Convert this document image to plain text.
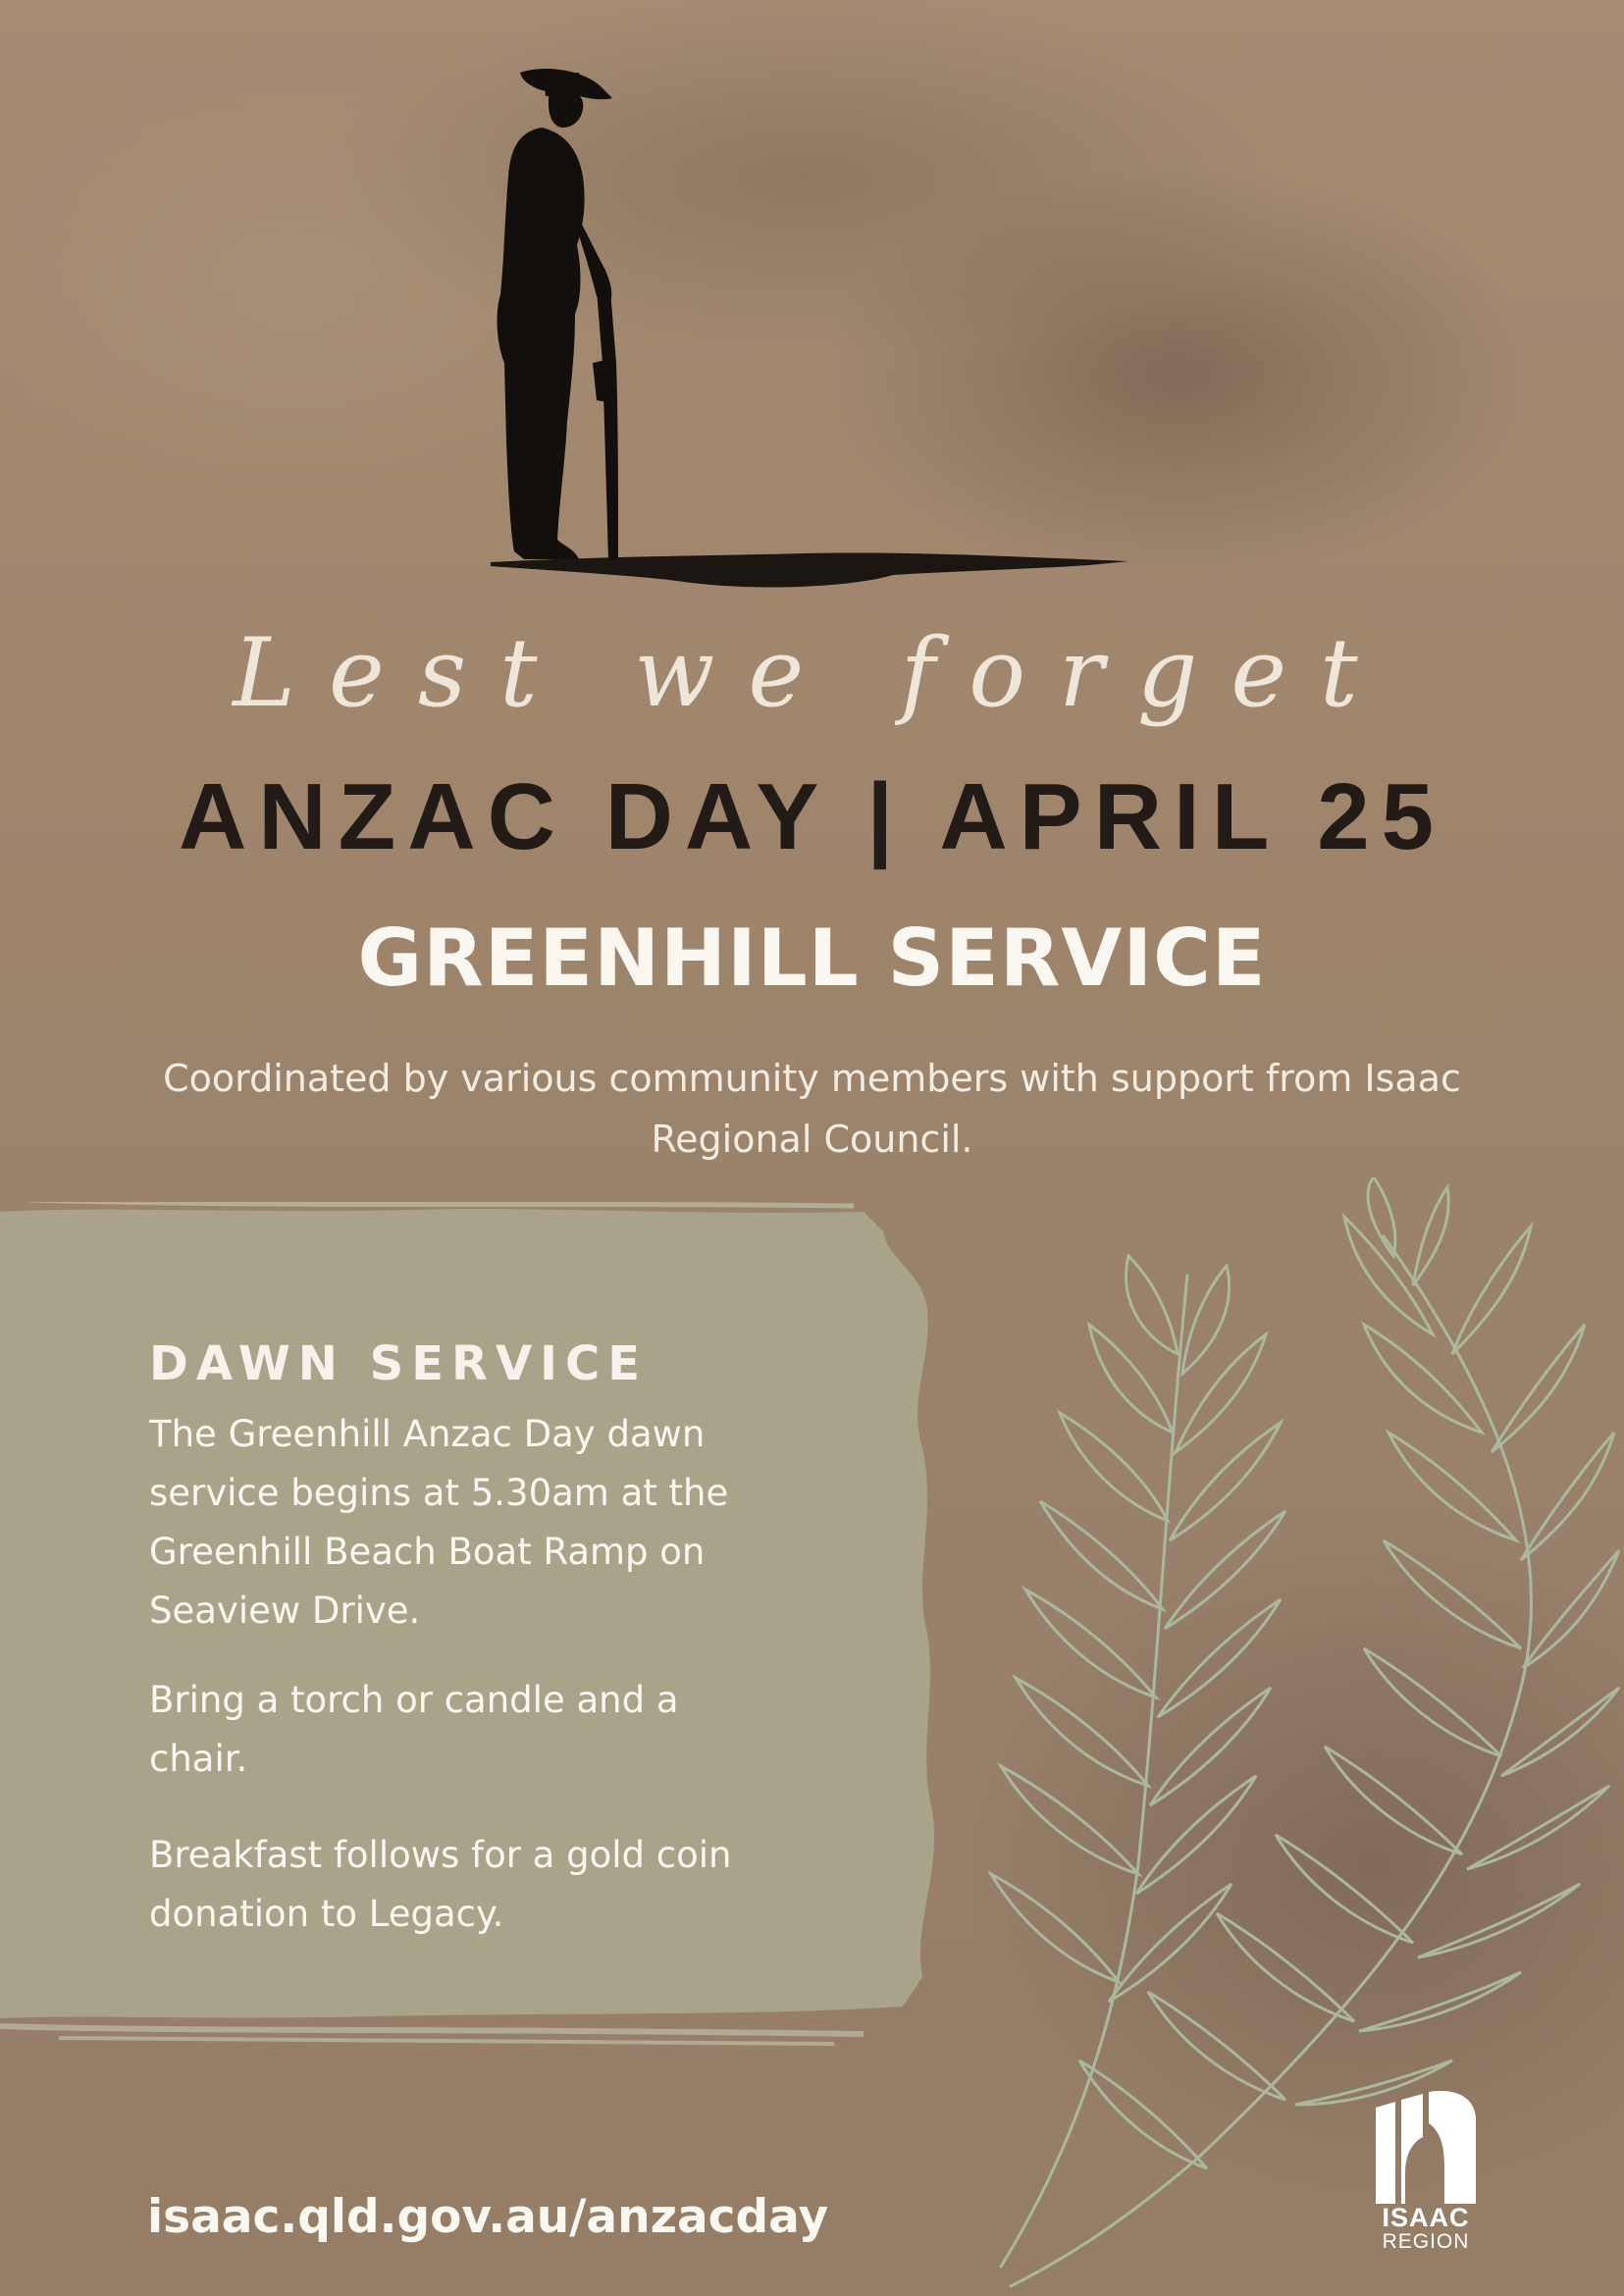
Lest we forget
ANZAC DAY | APRIL 25
GREENHILL SERVICE
Coordinated by various community members with support from Isaac Regional Council.
DAWN SERVICE

The Greenhill Anzac Day dawn service begins at 5.30am at the Greenhill Beach Boat Ramp on Seaview Drive.

Bring a torch or candle and a chair.

Breakfast follows for a gold coin donation to Legacy.

isaac.qld.gov.au/anzacday	ISAAC
REGION
